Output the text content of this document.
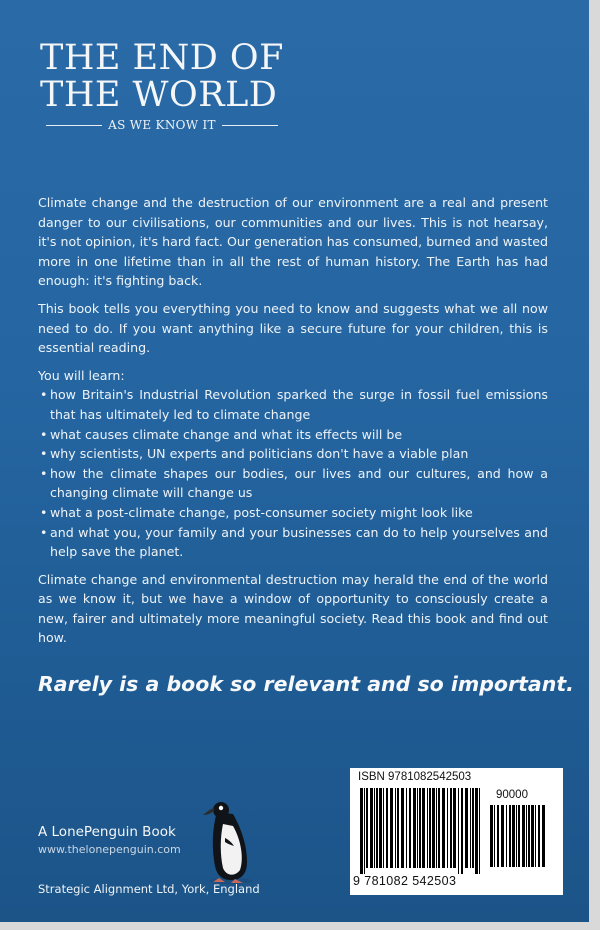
THE END OF
THE WORLD
AS WE KNOW IT

Climate change and the destruction of our environment are a real and present danger to our civilisations, our communities and our lives. This is not hearsay, it's not opinion, it's hard fact. Our generation has consumed, burned and wasted more in one lifetime than in all the rest of human history. The Earth has had enough: it's fighting back.

This book tells you everything you need to know and suggests what we all now need to do. If you want anything like a secure future for your children, this is essential reading.

You will learn:
• how Britain's Industrial Revolution sparked the surge in fossil fuel emissions that has ultimately led to climate change
• what causes climate change and what its effects will be
• why scientists, UN experts and politicians don't have a viable plan
• how the climate shapes our bodies, our lives and our cultures, and how a changing climate will change us
• what a post-climate change, post-consumer society might look like
• and what you, your family and your businesses can do to help yourselves and help save the planet.

Climate change and environmental destruction may herald the end of the world as we know it, but we have a window of opportunity to consciously create a new, fairer and ultimately more meaningful society. Read this book and find out how.

Rarely is a book so relevant and so important.
A LonePenguin Book
www.thelonepenguin.com
Strategic Alignment Ltd, York, England
ISBN 9781082542503
90000
9 781082 542503
